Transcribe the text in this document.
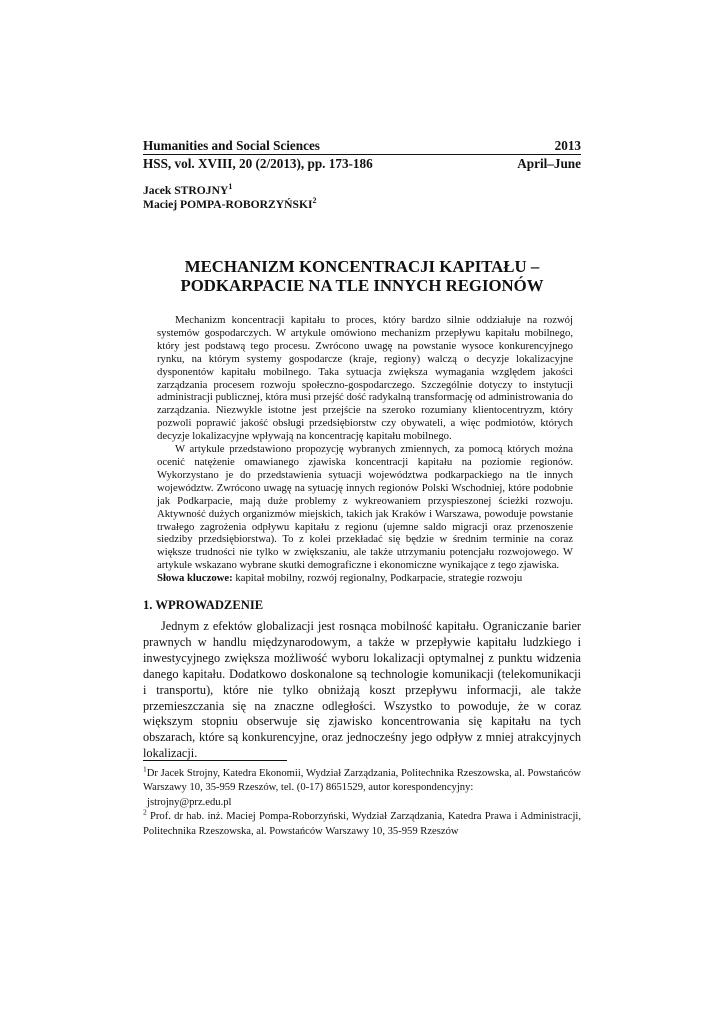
Humanities and Social Sciences	2013
HSS, vol. XVIII, 20 (2/2013), pp. 173-186	April–June
Jacek STROJNY$^1$
Maciej POMPA-ROBORZYŃSKI$^2$
MECHANIZM KONCENTRACJI KAPITAŁU –
PODKARPACIE NA TLE INNYCH REGIONÓW

Mechanizm koncentracji kapitału to proces, który bardzo silnie oddziałuje na rozwój systemów gospodarczych. W artykule omówiono mechanizm przepływu kapitału mobilnego, który jest podstawą tego procesu. Zwrócono uwagę na powstanie wysoce konkurencyjnego rynku, na którym systemy gospodarcze (kraje, regiony) walczą o decyzje lokalizacyjne dysponentów kapitału mobilnego. Taka sytuacja zwiększa wymagania względem jakości zarządzania procesem rozwoju społeczno-gospodarczego. Szczególnie dotyczy to instytucji administracji publicznej, która musi przejść dość radykalną transformację od administrowania do zarządzania. Niezwykle istotne jest przejście na szeroko rozumiany klientocentryzm, który pozwoli poprawić jakość obsługi przedsiębiorstw czy obywateli, a więc podmiotów, których decyzje lokalizacyjne wpływają na koncentrację kapitału mobilnego.

W artykule przedstawiono propozycję wybranych zmiennych, za pomocą których można ocenić natężenie omawianego zjawiska koncentracji kapitału na poziomie regionów. Wykorzystano je do przedstawienia sytuacji województwa podkarpackiego na tle innych województw. Zwrócono uwagę na sytuację innych regionów Polski Wschodniej, które podobnie jak Podkarpacie, mają duże problemy z wykreowaniem przyspieszonej ścieżki rozwoju. Aktywność dużych organizmów miejskich, takich jak Kraków i Warszawa, powoduje powstanie trwałego zagrożenia odpływu kapitału z regionu (ujemne saldo migracji oraz przenoszenie siedziby przedsiębiorstwa). To z kolei przekładać się będzie w średnim terminie na coraz większe trudności nie tylko w zwiększaniu, ale także utrzymaniu potencjału rozwojowego. W artykule wskazano wybrane skutki demograficzne i ekonomiczne wynikające z tego zjawiska.

Słowa kluczowe: kapitał mobilny, rozwój regionalny, Podkarpacie, strategie rozwoju

1. WPROWADZENIE

Jednym z efektów globalizacji jest rosnąca mobilność kapitału. Ograniczanie barier prawnych w handlu międzynarodowym, a także w przepływie kapitału ludzkiego i inwestycyjnego zwiększa możliwość wyboru lokalizacji optymalnej z punktu widzenia danego kapitału. Dodatkowo doskonalone są technologie komunikacji (telekomunikacji i transportu), które nie tylko obniżają koszt przepływu informacji, ale także przemieszczania się na znaczne odległości. Wszystko to powoduje, że w coraz większym stopniu obserwuje się zjawisko koncentrowania się kapitału na tych obszarach, które są konkurencyjne, oraz jednocześny jego odpływ z mniej atrakcyjnych lokalizacji.

$^1$Dr Jacek Strojny, Katedra Ekonomii, Wydział Zarządzania, Politechnika Rzeszowska, al. Powstańców Warszawy 10, 35-959 Rzeszów, tel. (0-17) 8651529, autor korespondencyjny:
jstrojny@prz.edu.pl

$^2$ Prof. dr hab. inż. Maciej Pompa-Roborzyński, Wydział Zarządzania, Katedra Prawa i Administracji, Politechnika Rzeszowska, al. Powstańców Warszawy 10, 35-959 Rzeszów
